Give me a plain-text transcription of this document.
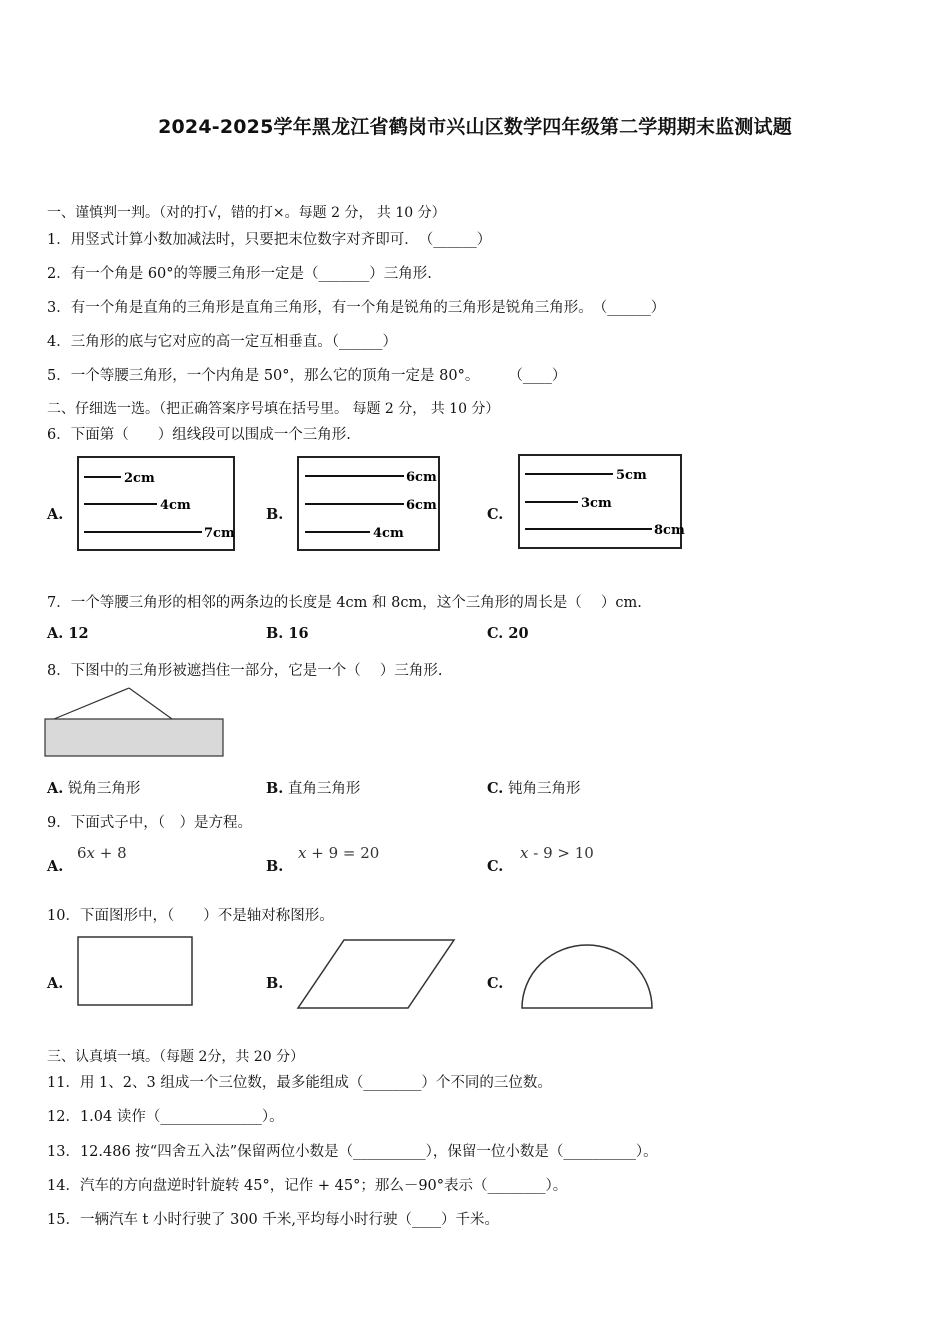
2024-2025学年黑龙江省鹤岗市兴山区数学四年级第二学期期末监测试题
一、谨慎判一判。（对的打√，错的打×。每题 2 分， 共 10 分）
1．用竖式计算小数加减法时，只要把末位数字对齐即可．　（______）
2．有一个角是 60°的等腰三角形一定是（_______）三角形.
3．有一个角是直角的三角形是直角三角形，有一个角是锐角的三角形是锐角三角形。　（______）
4．三角形的底与它对应的高一定互相垂直。（______）
5．一个等腰三角形，一个内角是 50°，那么它的顶角一定是 80°。　　　（____）
二、仔细选一选。（把正确答案序号填在括号里。 每题 2 分， 共 10 分）
6．下面第（　　）组线段可以围成一个三角形.
A.
2cm
4cm
7cm
B.
6cm
6cm
4cm
C.
5cm
3cm
8cm
7．一个等腰三角形的相邻的两条边的长度是 4cm 和 8cm，这个三角形的周长是（　 ）cm.
A. 12	B. 16	C. 20
8．下图中的三角形被遮挡住一部分，它是一个（　 ）三角形.
A. 锐角三角形	B. 直角三角形	C. 钝角三角形
9．下面式子中，（　）是方程。
A.
6x + 8
B.
x + 9 = 20
C.
x - 9 > 10
10．下面图形中，（　　）不是轴对称图形。
A.	B.	C.
三、认真填一填。（每题 2分，共 20 分）
11．用 1、2、3 组成一个三位数，最多能组成（________）个不同的三位数。
12．1.04 读作（______________）。
13．12.486 按“四舍五入法”保留两位小数是（__________），保留一位小数是（__________）。
14．汽车的方向盘逆时针旋转 45°，记作 + 45°；那么－90°表示（________）。
15．一辆汽车 t 小时行驶了 300 千米,平均每小时行驶（____）千米。
